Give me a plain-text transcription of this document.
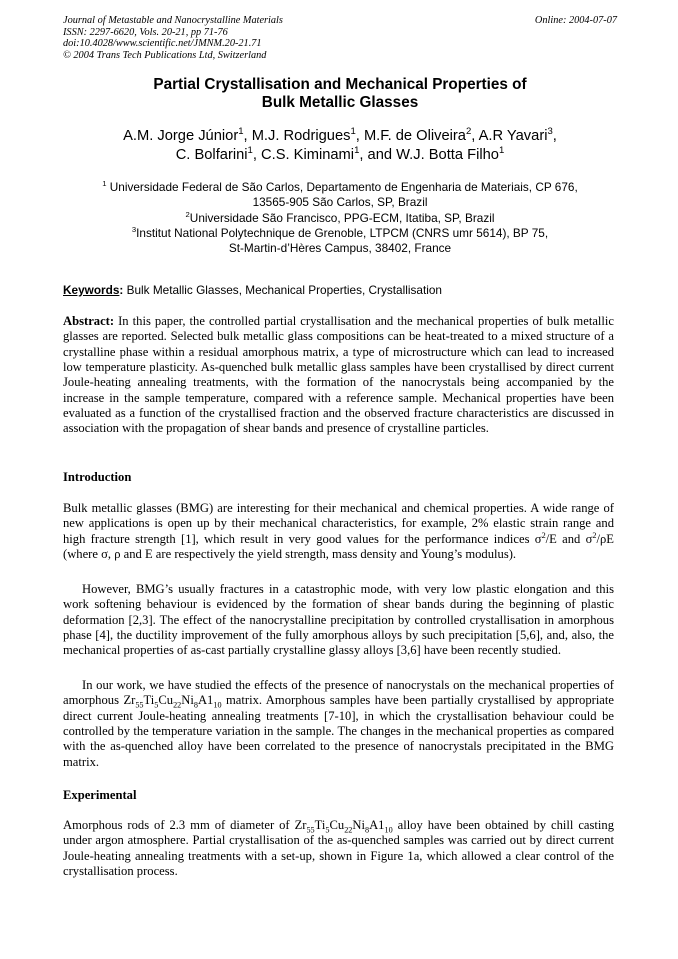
Journal of Metastable and Nanocrystalline Materials
ISSN: 2297-6620, Vols. 20-21, pp 71-76
doi:10.4028/www.scientific.net/JMNM.20-21.71
© 2004 Trans Tech Publications Ltd, Switzerland
Online: 2004-07-07
Partial Crystallisation and Mechanical Properties of
Bulk Metallic Glasses
A.M. Jorge Júnior$^1$, M.J. Rodrigues$^1$, M.F. de Oliveira$^2$, A.R Yavari$^3$,
C. Bolfarini$^1$, C.S. Kiminami$^1$, and W.J. Botta Filho$^1$
$^1$ Universidade Federal de São Carlos, Departamento de Engenharia de Materiais, CP 676,
13565-905 São Carlos, SP, Brazil
$^2$Universidade São Francisco, PPG-ECM, Itatiba, SP, Brazil
$^3$Institut National Polytechnique de Grenoble, LTPCM (CNRS umr 5614), BP 75,
St-Martin-d’Hères Campus, 38402, France
Keywords: Bulk Metallic Glasses, Mechanical Properties, Crystallisation
Abstract: In this paper, the controlled partial crystallisation and the mechanical properties of bulk metallic glasses are reported. Selected bulk metallic glass compositions can be heat-treated to a mixed structure of a crystalline phase within a residual amorphous matrix, a type of microstructure which can lead to increased low temperature plasticity. As-quenched bulk metallic glass samples have been crystallised by direct current Joule-heating annealing treatments, with the formation of the nanocrystals being accompanied by the increase in the sample temperature, compared with a reference sample. Mechanical properties have been evaluated as a function of the crystallised fraction and the observed fracture characteristics are discussed in association with the propagation of shear bands and presence of crystalline particles.
Introduction
Bulk metallic glasses (BMG) are interesting for their mechanical and chemical properties. A wide range of new applications is open up by their mechanical characteristics, for example, 2% elastic strain range and high fracture strength [1], which result in very good values for the performance indices $\sigma^2/E$ and $\sigma^2/\rho E$ (where σ, ρ and E are respectively the yield strength, mass density and Young’s modulus).
However, BMG’s usually fractures in a catastrophic mode, with very low plastic elongation and this work softening behaviour is evidenced by the formation of shear bands during the beginning of plastic deformation [2,3]. The effect of the nanocrystalline precipitation by controlled crystallisation in amorphous phase [4], the ductility improvement of the fully amorphous alloys by such precipitation [5,6], and, also, the mechanical properties of as-cast partially crystalline glassy alloys [3,6] have been recently studied.
In our work, we have studied the effects of the presence of nanocrystals on the mechanical properties of amorphous $Zr_{55}Ti_5Cu_{22}Ni_8A1_{10}$ matrix. Amorphous samples have been partially crystallised by appropriate direct current Joule-heating annealing treatments [7-10], in which the crystallisation behaviour could be controlled by the temperature variation in the sample. The changes in the mechanical properties as compared with the as-quenched alloy have been correlated to the presence of nanocrystals precipitated in the BMG matrix.
Experimental
Amorphous rods of 2.3 mm of diameter of $Zr_{55}Ti_5Cu_{22}Ni_8A1_{10}$ alloy have been obtained by chill casting under argon atmosphere. Partial crystallisation of the as-quenched samples was carried out by direct current Joule-heating annealing treatments with a set-up, shown in Figure 1a, which allowed a clear control of the crystallisation process.
